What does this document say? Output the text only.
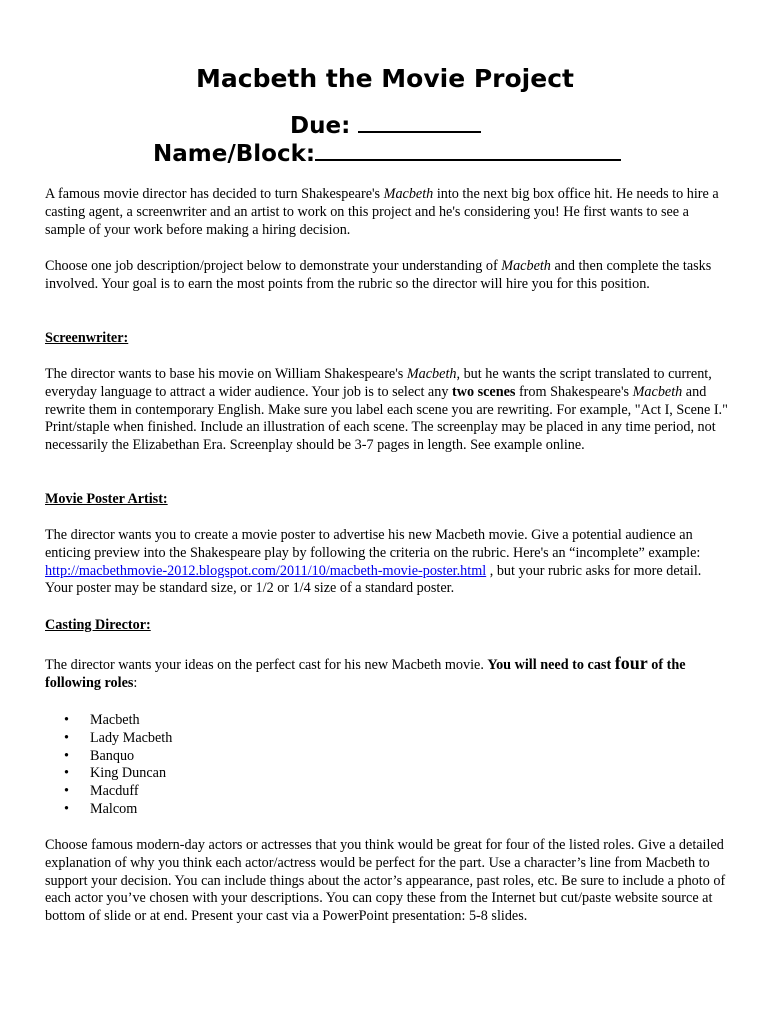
Macbeth the Movie Project
Due:
Name/Block:

A famous movie director has decided to turn Shakespeare's Macbeth into the next big box office hit. He needs to hire a casting agent, a screenwriter and an artist to work on this project and he's considering you! He first wants to see a sample of your work before making a hiring decision.

Choose one job description/project below to demonstrate your understanding of Macbeth and then complete the tasks involved. Your goal is to earn the most points from the rubric so the director will hire you for this position.

Screenwriter:

The director wants to base his movie on William Shakespeare's Macbeth, but he wants the script translated to current, everyday language to attract a wider audience. Your job is to select any two scenes from Shakespeare's Macbeth and rewrite them in contemporary English. Make sure you label each scene you are rewriting. For example, "Act I, Scene I." Print/staple when finished. Include an illustration of each scene. The screenplay may be placed in any time period, not necessarily the Elizabethan Era. Screenplay should be 3-7 pages in length. See example online.

Movie Poster Artist:

The director wants you to create a movie poster to advertise his new Macbeth movie. Give a potential audience an enticing preview into the Shakespeare play by following the criteria on the rubric. Here's an “incomplete” example: http://macbethmovie-2012.blogspot.com/2011/10/macbeth-movie-poster.html , but your rubric asks for more detail. Your poster may be standard size, or 1/2 or 1/4 size of a standard poster.

Casting Director:

The director wants your ideas on the perfect cast for his new Macbeth movie. You will need to cast four of the following roles:

• Macbeth
• Lady Macbeth
• Banquo
• King Duncan
• Macduff
• Malcom

Choose famous modern-day actors or actresses that you think would be great for four of the listed roles. Give a detailed explanation of why you think each actor/actress would be perfect for the part. Use a character’s line from Macbeth to support your decision. You can include things about the actor’s appearance, past roles, etc. Be sure to include a photo of each actor you’ve chosen with your descriptions. You can copy these from the Internet but cut/paste website source at bottom of slide or at end. Present your cast via a PowerPoint presentation: 5-8 slides.
